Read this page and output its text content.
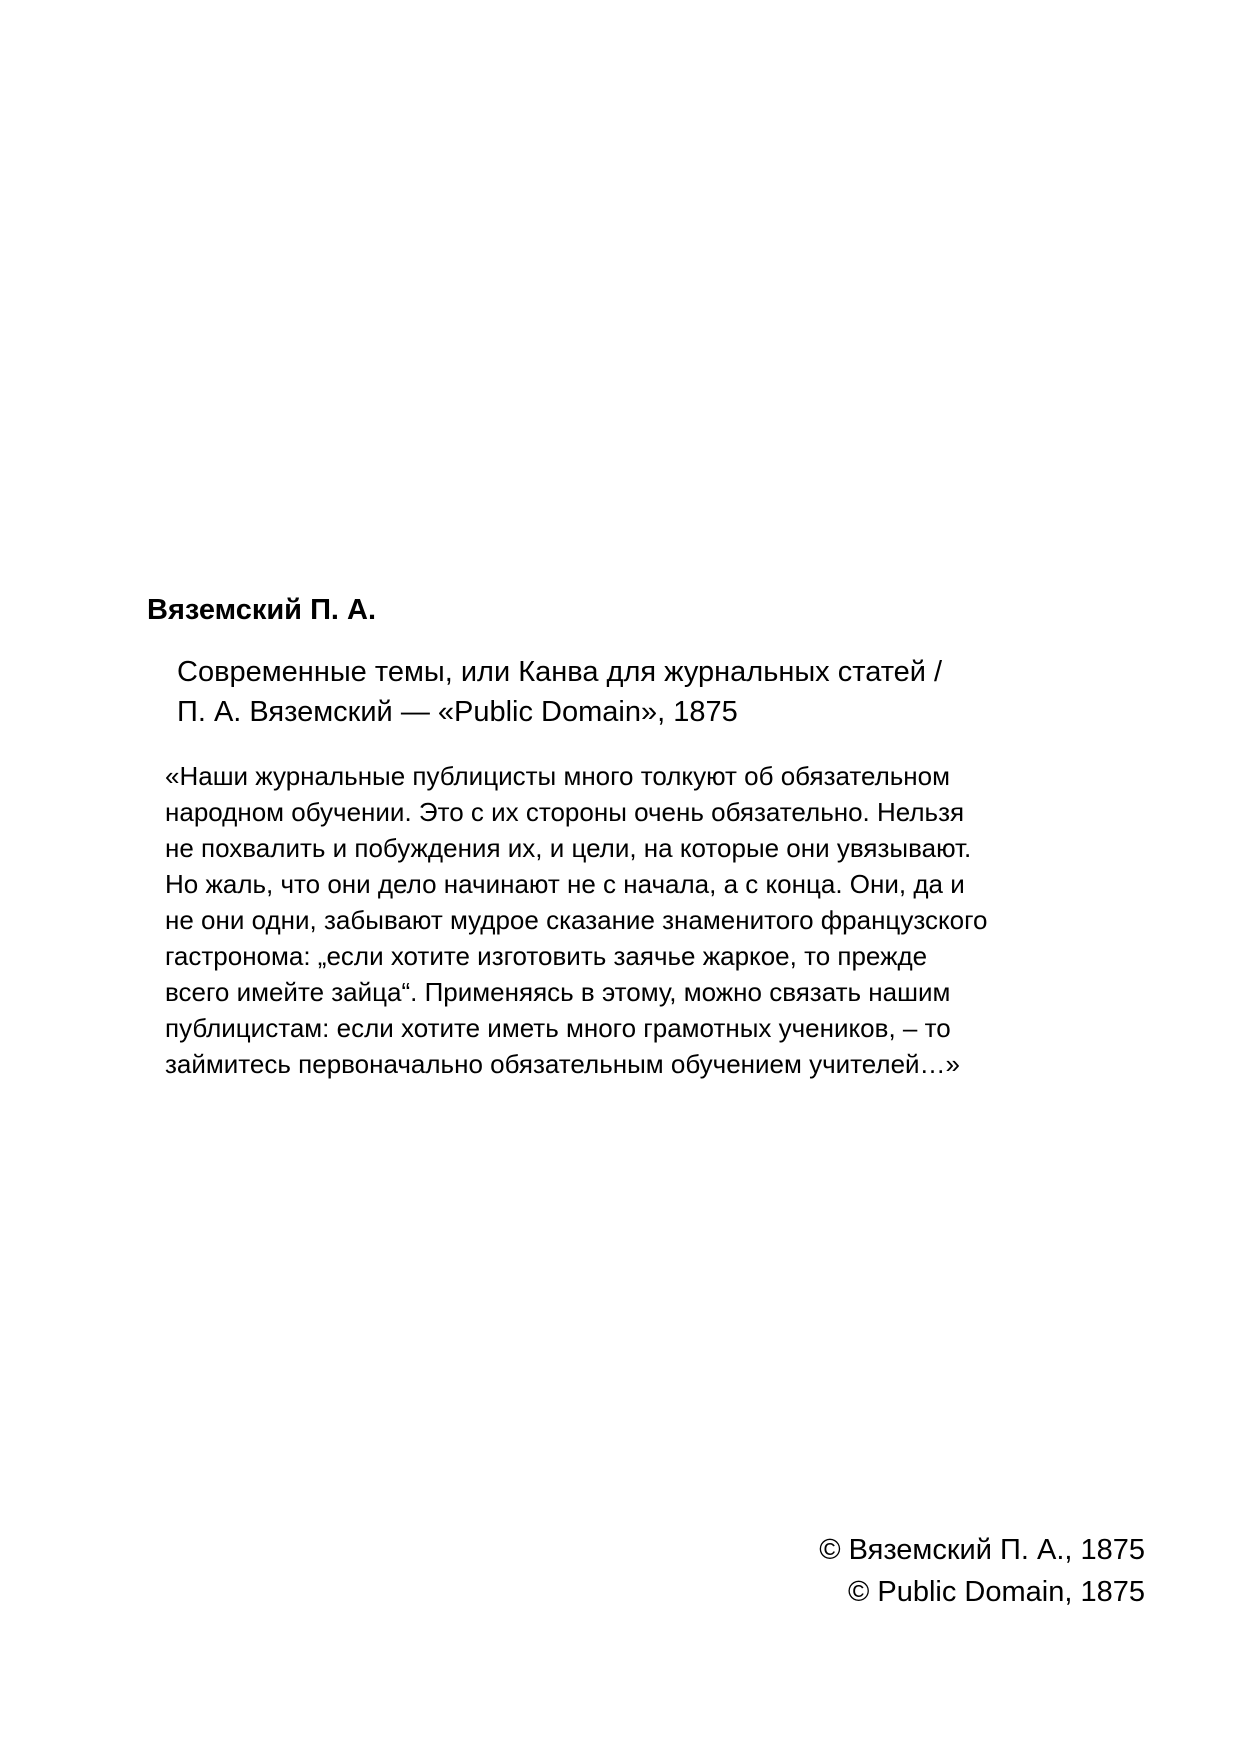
Вяземский П. А.
Современные темы, или Канва для журнальных статей /
П. А. Вяземский — «Public Domain», 1875
«Наши журнальные публицисты много толкуют об обязательном
народном обучении. Это с их стороны очень обязательно. Нельзя
не похвалить и побуждения их, и цели, на которые они увязывают.
Но жаль, что они дело начинают не с начала, а с конца. Они, да и
не они одни, забывают мудрое сказание знаменитого французского
гастронома: „если хотите изготовить заячье жаркое, то прежде
всего имейте зайца“. Применяясь в этому, можно связать нашим
публицистам: если хотите иметь много грамотных учеников, – то
займитесь первоначально обязательным обучением учителей…»
© Вяземский П. А., 1875
© Public Domain, 1875
